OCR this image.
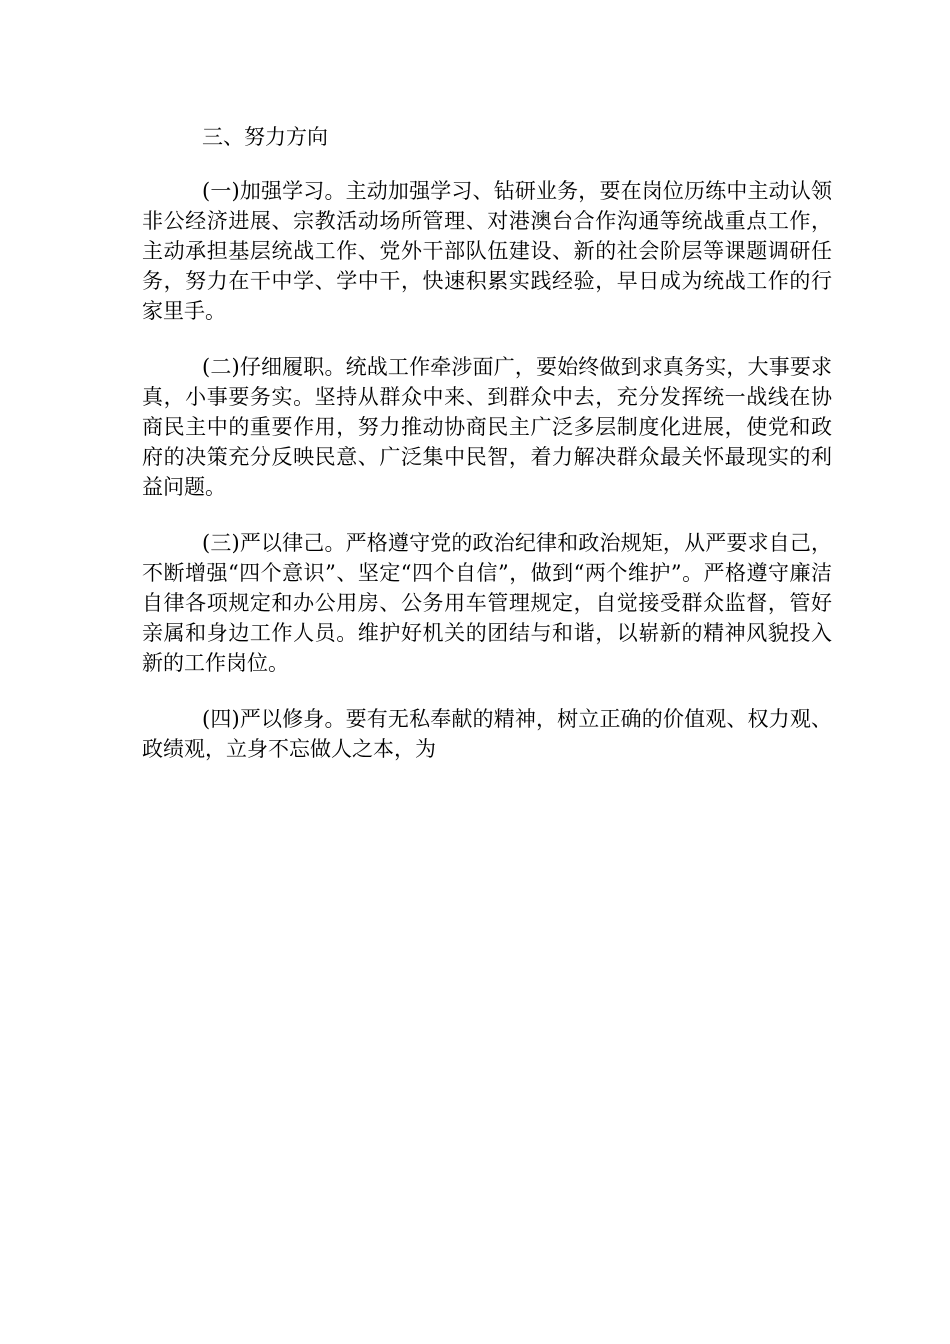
三、努力方向

(一)加强学习。主动加强学习、钻研业务，要在岗位历练中主动认领非公经济进展、宗教活动场所管理、对港澳台合作沟通等统战重点工作，主动承担基层统战工作、党外干部队伍建设、新的社会阶层等课题调研任务，努力在干中学、学中干，快速积累实践经验，早日成为统战工作的行家里手。

(二)仔细履职。统战工作牵涉面广，要始终做到求真务实，大事要求真，小事要务实。坚持从群众中来、到群众中去，充分发挥统一战线在协商民主中的重要作用，努力推动协商民主广泛多层制度化进展，使党和政府的决策充分反映民意、广泛集中民智，着力解决群众最关怀最现实的利益问题。

(三)严以律己。严格遵守党的政治纪律和政治规矩，从严要求自己，不断增强“四个意识”、坚定“四个自信”，做到“两个维护”。严格遵守廉洁自律各项规定和办公用房、公务用车管理规定，自觉接受群众监督，管好亲属和身边工作人员。维护好机关的团结与和谐，以崭新的精神风貌投入新的工作岗位。

(四)严以修身。要有无私奉献的精神，树立正确的价值观、权力观、政绩观，立身不忘做人之本，为
